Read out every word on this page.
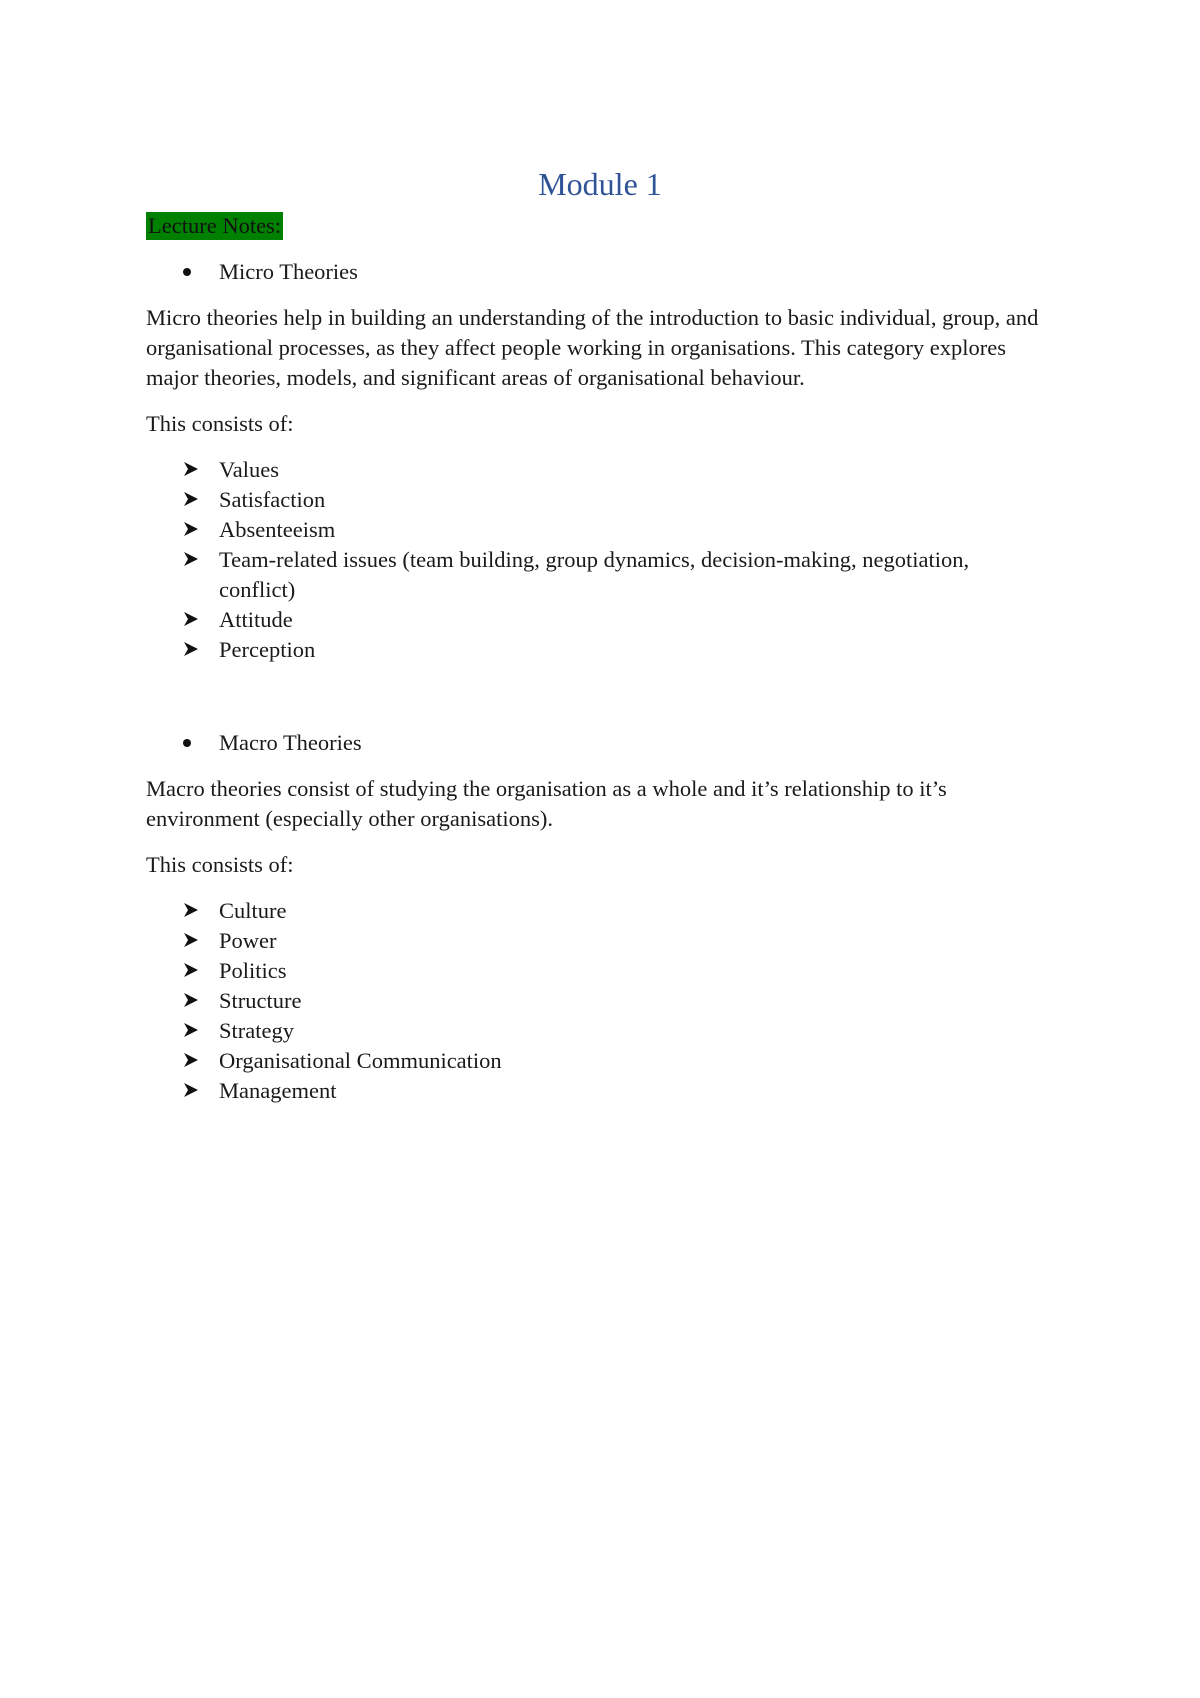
Module 1

Lecture Notes:

Micro Theories

Micro theories help in building an understanding of the introduction to basic individual, group, and organisational processes, as they affect people working in organisations. This category explores major theories, models, and significant areas of organisational behaviour.

This consists of:

Values
Satisfaction
Absenteeism
Team-related issues (team building, group dynamics, decision-making, negotiation, conflict)
Attitude
Perception
Macro Theories

Macro theories consist of studying the organisation as a whole and it’s relationship to it’s environment (especially other organisations).

This consists of:

Culture
Power
Politics
Structure
Strategy
Organisational Communication
Management
